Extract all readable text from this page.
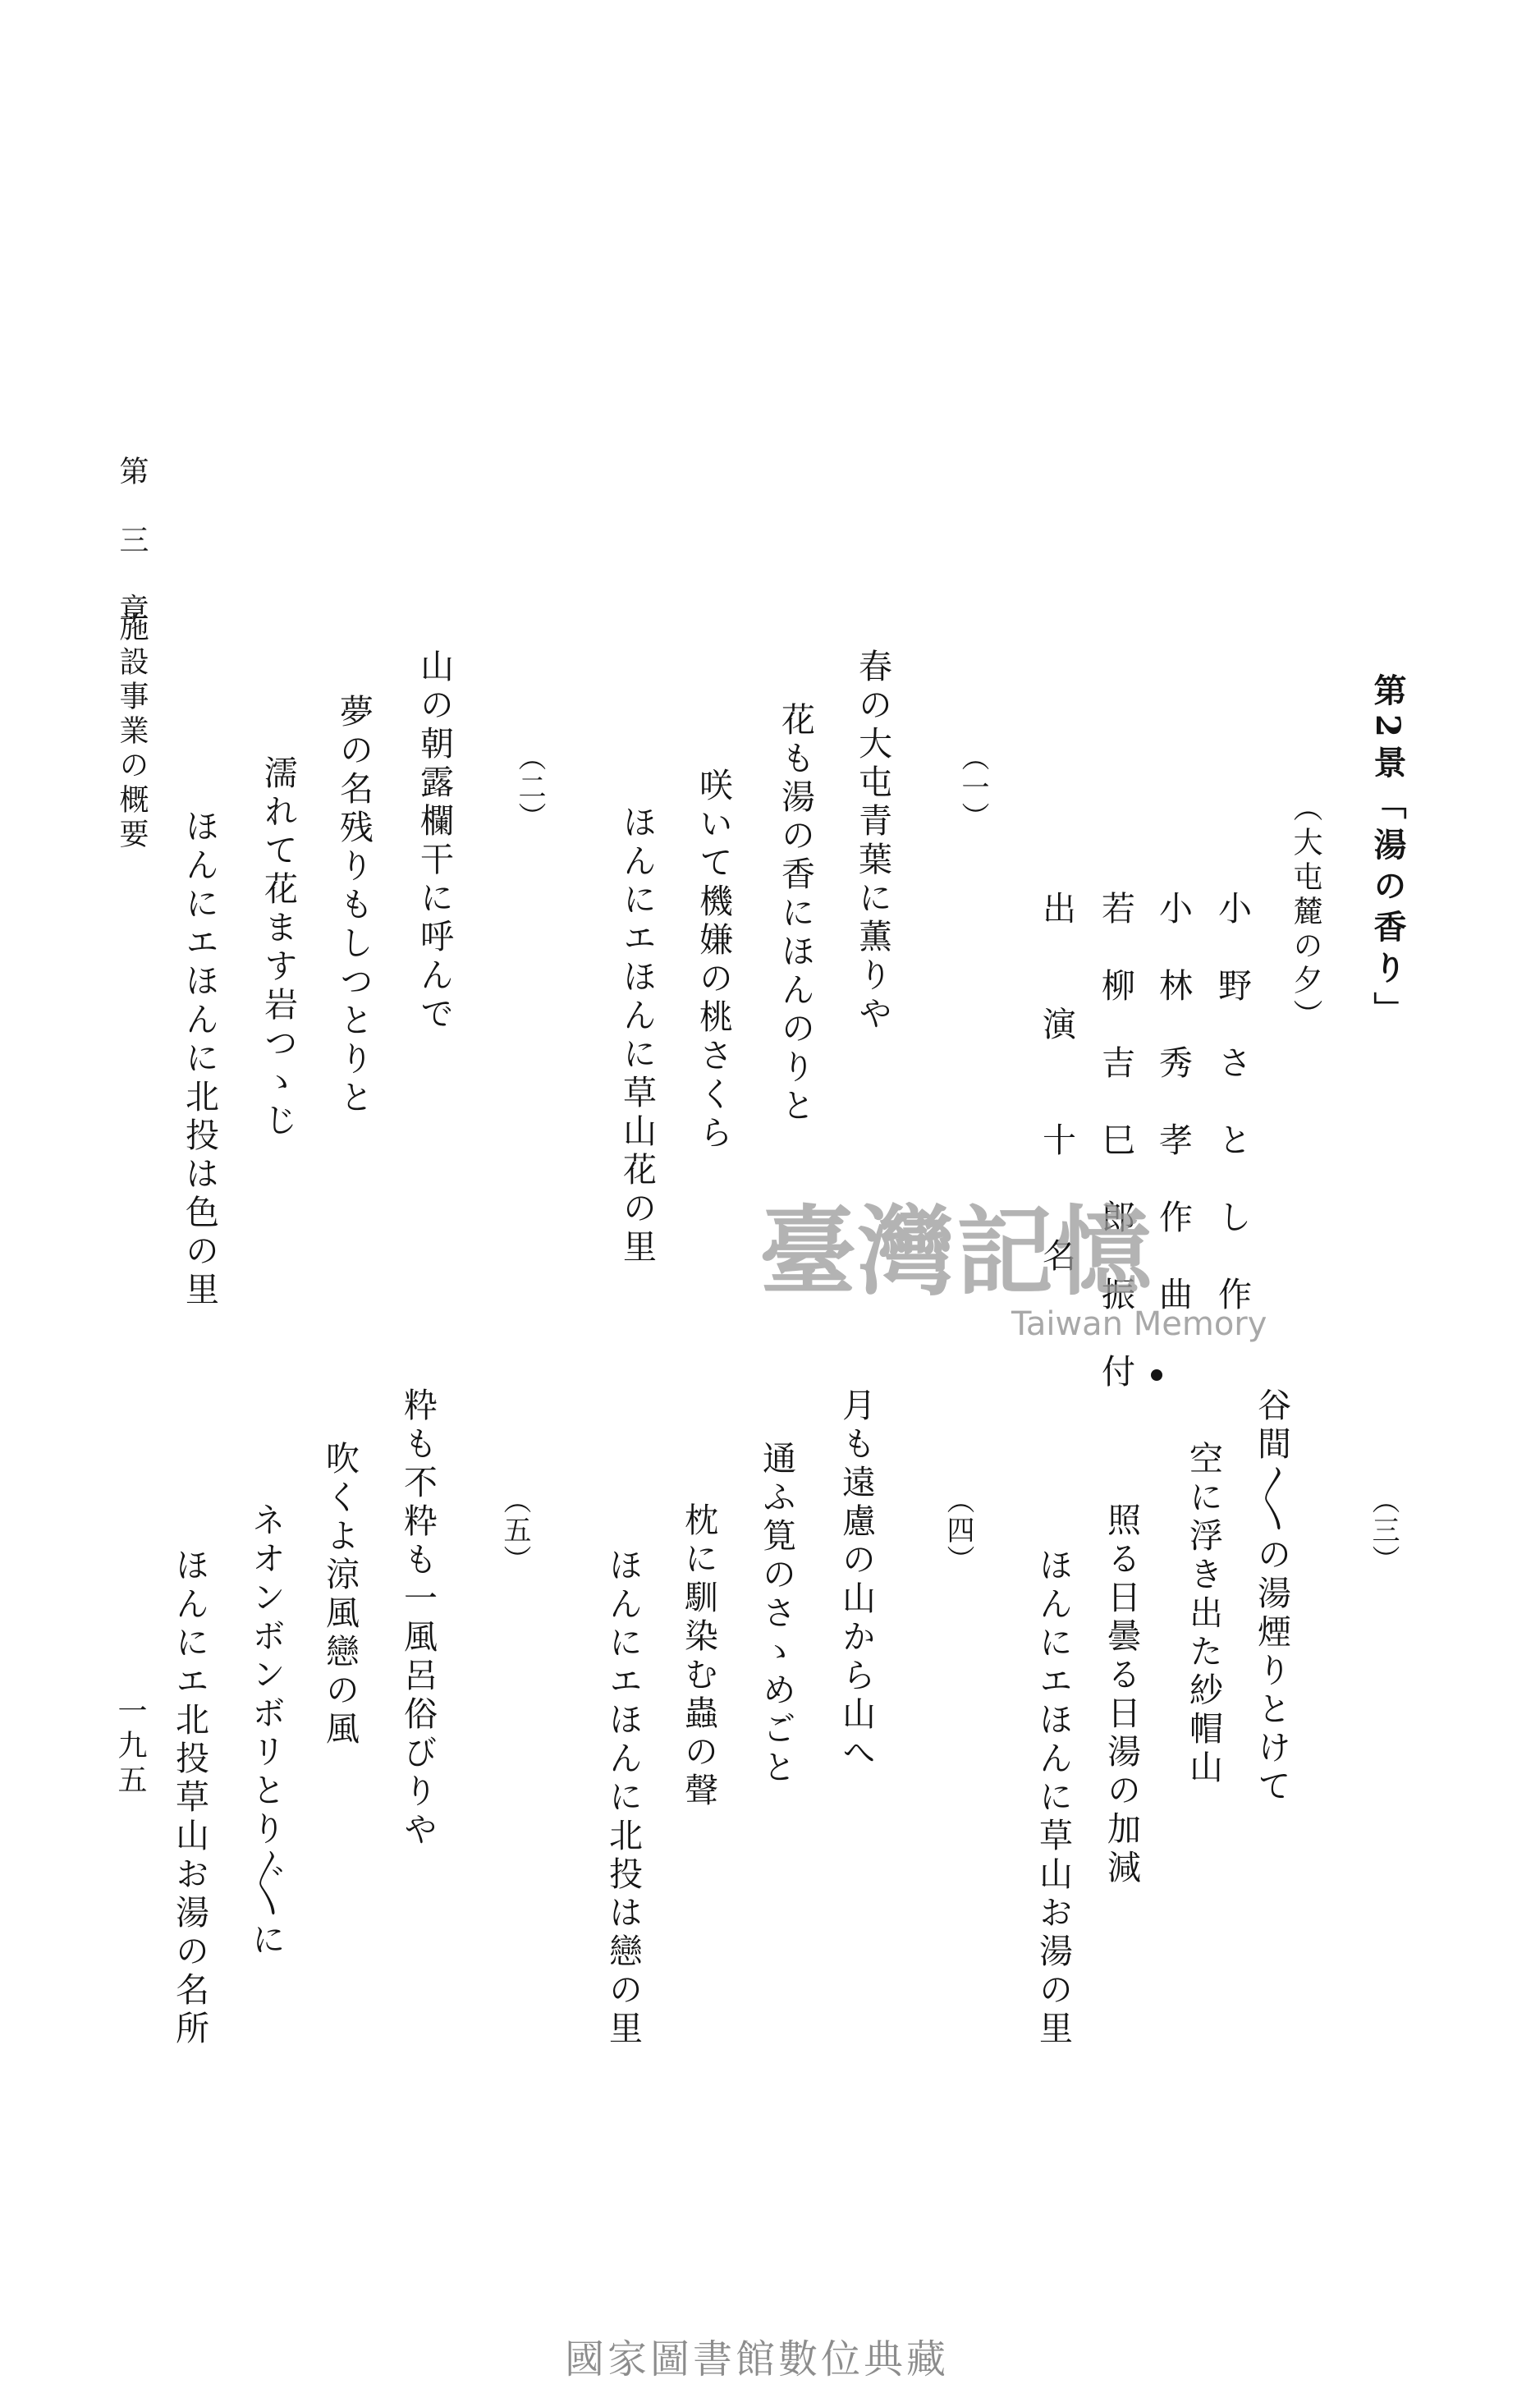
第2景「湯の香り」
（大屯麓の夕）
小　野　さ　と　し　作
小　林　秀　孝　作　曲
若　柳　吉　巳　郎　振　付
出　　演　　十　　名
（一）
春の大屯青葉に薫りや
花も湯の香にほんのりと
咲いて機嫌の桃さくら
ほんにエほんに草山花の里
（二）
山の朝露欄干に呼んで
夢の名残りもしつとりと
濡れて花ます岩つゝじ
ほんにエほんに北投は色の里
（三）
谷間〳〵の湯煙りとけて
空に浮き出た紗帽山
照る日曇る日湯の加減
ほんにエほんに草山お湯の里
（四）
月も遠慮の山から山へ
通ふ筧のさゝめごと
枕に馴染む蟲の聲
ほんにエほんに北投は戀の里
（五）
粋も不粋も一風呂俗びりや
吹くよ涼風戀の風
ネオンボンボリとり〴〵に
ほんにエ北投草山お湯の名所
第　三　章
施設事業の概要
一九五
臺灣記憶
Taiwan Memory
國家圖書館數位典藏
